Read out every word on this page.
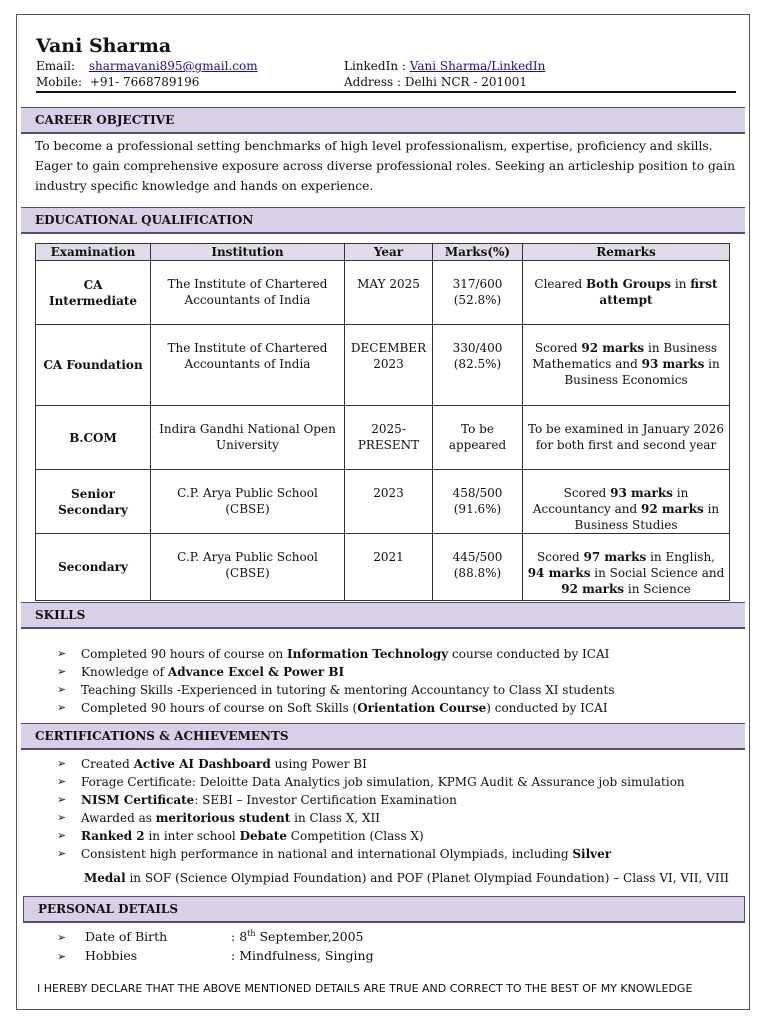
Vani Sharma
Email: sharmavani895@gmail.com
Mobile: +91- 7668789196
LinkedIn : Vani Sharma/LinkedIn
Address : Delhi NCR - 201001
CAREER OBJECTIVE
To become a professional setting benchmarks of high level professionalism, expertise, proficiency and skills. Eager to gain comprehensive exposure across diverse professional roles. Seeking an articleship position to gain industry specific knowledge and hands on experience.
EDUCATIONAL QUALIFICATION
Examination	Institution	Year	Marks(%)	Remarks
CA Intermediate	The Institute of Chartered Accountants of India	MAY 2025	317/600 (52.8%)	Cleared Both Groups in first attempt
CA Foundation	The Institute of Chartered Accountants of India	DECEMBER 2023	330/400 (82.5%)	Scored 92 marks in Business Mathematics and 93 marks in Business Economics
B.COM	Indira Gandhi National Open University	2025-PRESENT	To be appeared	To be examined in January 2026 for both first and second year
Senior Secondary	C.P. Arya Public School (CBSE)	2023	458/500 (91.6%)	Scored 93 marks in Accountancy and 92 marks in Business Studies
Secondary	C.P. Arya Public School (CBSE)	2021	445/500 (88.8%)	Scored 97 marks in English, 94 marks in Social Science and 92 marks in Science
SKILLS
➢ Completed 90 hours of course on Information Technology course conducted by ICAI
➢ Knowledge of Advance Excel & Power BI
➢ Teaching Skills -Experienced in tutoring & mentoring Accountancy to Class XI students
➢ Completed 90 hours of course on Soft Skills (Orientation Course) conducted by ICAI
CERTIFICATIONS & ACHIEVEMENTS
➢ Created Active AI Dashboard using Power BI
➢ Forage Certificate: Deloitte Data Analytics job simulation, KPMG Audit & Assurance job simulation
➢ NISM Certificate: SEBI – Investor Certification Examination
➢ Awarded as meritorious student in Class X, XII
➢ Ranked 2 in inter school Debate Competition (Class X)
➢ Consistent high performance in national and international Olympiads, including Silver
Medal in SOF (Science Olympiad Foundation) and POF (Planet Olympiad Foundation) – Class VI, VII, VIII
PERSONAL DETAILS
➢ Date of Birth	: 8th September,2005
➢ Hobbies	: Mindfulness, Singing
I HEREBY DECLARE THAT THE ABOVE MENTIONED DETAILS ARE TRUE AND CORRECT TO THE BEST OF MY KNOWLEDGE
